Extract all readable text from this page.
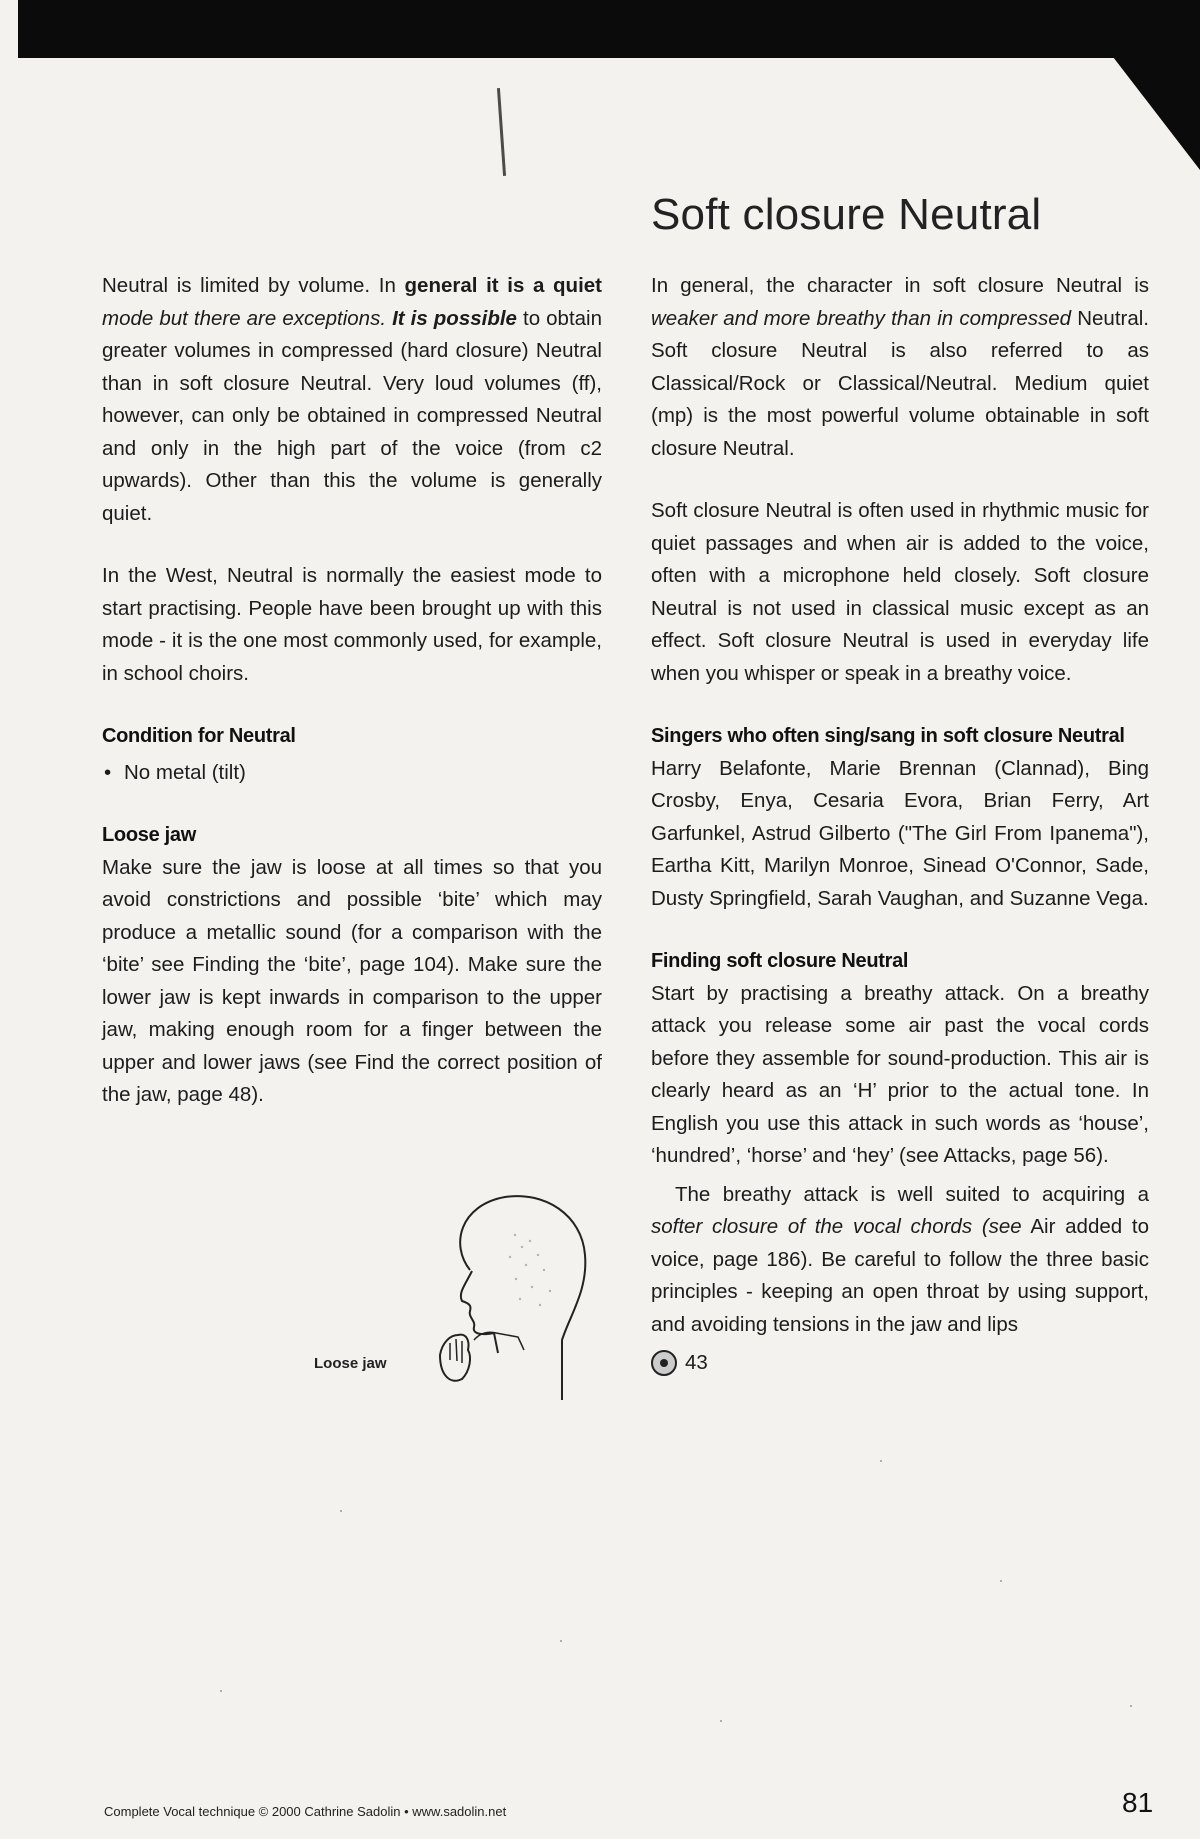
Soft closure Neutral

Neutral is limited by volume. In general it is a quiet mode but there are exceptions. It is possible to obtain greater volumes in compressed (hard closure) Neutral than in soft closure Neutral. Very loud volumes (ff), however, can only be obtained in compressed Neutral and only in the high part of the voice (from c2 upwards). Other than this the volume is generally quiet.

In the West, Neutral is normally the easiest mode to start practising. People have been brought up with this mode - it is the one most commonly used, for example, in school choirs.

Condition for Neutral
• No metal (tilt)
Loose jaw

Make sure the jaw is loose at all times so that you avoid constrictions and possible ‘bite’ which may produce a metallic sound (for a comparison with the ‘bite’ see Finding the ‘bite’, page 104). Make sure the lower jaw is kept inwards in comparison to the upper jaw, making enough room for a finger between the upper and lower jaws (see Find the correct position of the jaw, page 48).

Loose jaw

In general, the character in soft closure Neutral is weaker and more breathy than in compressed Neutral. Soft closure Neutral is also referred to as Classical/Rock or Classical/Neutral. Medium quiet (mp) is the most powerful volume obtainable in soft closure Neutral.

Soft closure Neutral is often used in rhythmic music for quiet passages and when air is added to the voice, often with a microphone held closely. Soft closure Neutral is not used in classical music except as an effect. Soft closure Neutral is used in everyday life when you whisper or speak in a breathy voice.

Singers who often sing/sang in soft closure Neutral

Harry Belafonte, Marie Brennan (Clannad), Bing Crosby, Enya, Cesaria Evora, Brian Ferry, Art Garfunkel, Astrud Gilberto ("The Girl From Ipanema"), Eartha Kitt, Marilyn Monroe, Sinead O'Connor, Sade, Dusty Springfield, Sarah Vaughan, and Suzanne Vega.

Finding soft closure Neutral

Start by practising a breathy attack. On a breathy attack you release some air past the vocal cords before they assemble for sound-production. This air is clearly heard as an ‘H’ prior to the actual tone. In English you use this attack in such words as ‘house’, ‘hundred’, ‘horse’ and ‘hey’ (see Attacks, page 56).

The breathy attack is well suited to acquiring a softer closure of the vocal chords (see Air added to voice, page 186). Be careful to follow the three basic principles - keeping an open throat by using support, and avoiding tensions in the jaw and lips

43
Complete Vocal technique © 2000 Cathrine Sadolin • www.sadolin.net	81
